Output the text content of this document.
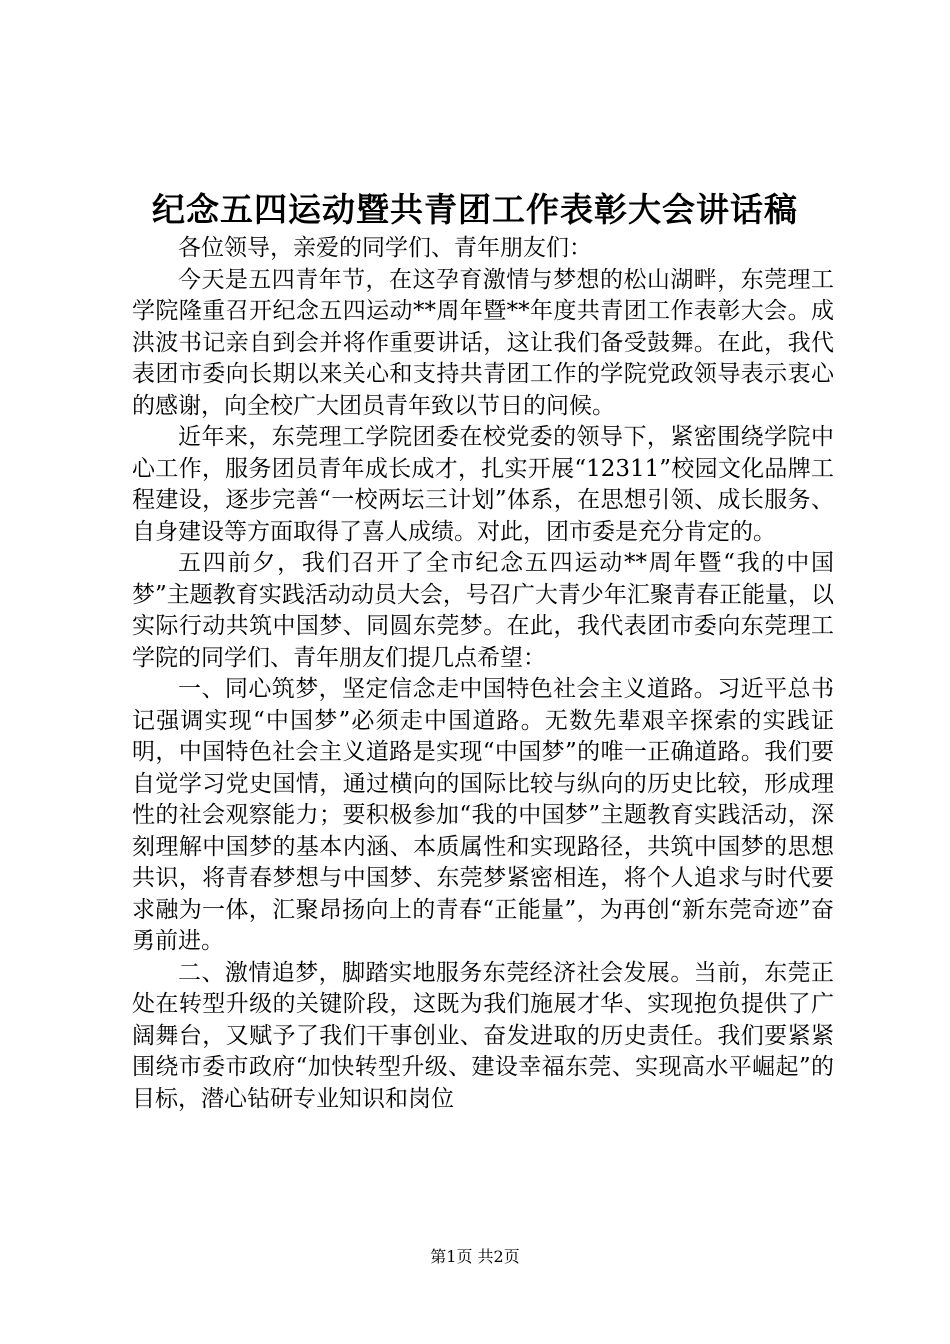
纪念五四运动暨共青团工作表彰大会讲话稿

各位领导，亲爱的同学们、青年朋友们：

今天是五四青年节，在这孕育激情与梦想的松山湖畔，东莞理工学院隆重召开纪念五四运动**周年暨**年度共青团工作表彰大会。成洪波书记亲自到会并将作重要讲话，这让我们备受鼓舞。在此，我代表团市委向长期以来关心和支持共青团工作的学院党政领导表示衷心的感谢，向全校广大团员青年致以节日的问候。

近年来，东莞理工学院团委在校党委的领导下，紧密围绕学院中心工作，服务团员青年成长成才，扎实开展“12311”校园文化品牌工程建设，逐步完善“一校两坛三计划”体系，在思想引领、成长服务、自身建设等方面取得了喜人成绩。对此，团市委是充分肯定的。

五四前夕，我们召开了全市纪念五四运动**周年暨“我的中国梦”主题教育实践活动动员大会，号召广大青少年汇聚青春正能量，以实际行动共筑中国梦、同圆东莞梦。在此，我代表团市委向东莞理工学院的同学们、青年朋友们提几点希望：

一、同心筑梦，坚定信念走中国特色社会主义道路。习近平总书记强调实现“中国梦”必须走中国道路。无数先辈艰辛探索的实践证明，中国特色社会主义道路是实现“中国梦”的唯一正确道路。我们要自觉学习党史国情，通过横向的国际比较与纵向的历史比较，形成理性的社会观察能力；要积极参加“我的中国梦”主题教育实践活动，深刻理解中国梦的基本内涵、本质属性和实现路径，共筑中国梦的思想共识，将青春梦想与中国梦、东莞梦紧密相连，将个人追求与时代要求融为一体，汇聚昂扬向上的青春“正能量”，为再创“新东莞奇迹”奋勇前进。

二、激情追梦，脚踏实地服务东莞经济社会发展。当前，东莞正处在转型升级的关键阶段，这既为我们施展才华、实现抱负提供了广阔舞台，又赋予了我们干事创业、奋发进取的历史责任。我们要紧紧围绕市委市政府“加快转型升级、建设幸福东莞、实现高水平崛起”的目标，潜心钻研专业知识和岗位

第1页 共2页
